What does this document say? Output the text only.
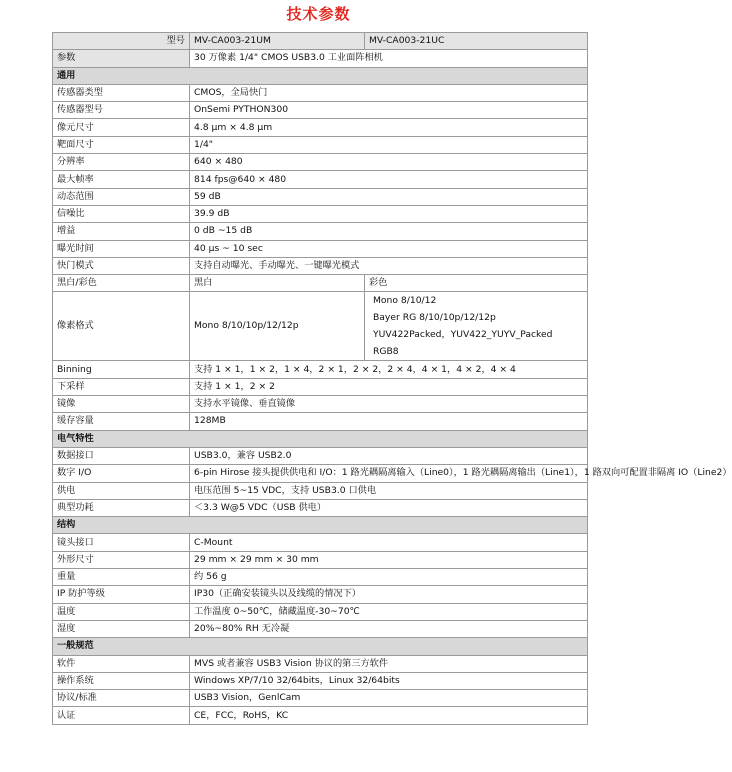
技术参数
型号	MV-CA003-21UM	MV-CA003-21UC
参数	30 万像素 1/4" CMOS USB3.0 工业面阵相机	
通用		
传感器类型	CMOS，全局快门	
传感器型号	OnSemi PYTHON300	
像元尺寸	4.8 μm × 4.8 μm	
靶面尺寸	1/4"	
分辨率	640 × 480	
最大帧率	814 fps@640 × 480	
动态范围	59 dB	
信噪比	39.9 dB	
增益	0 dB ~15 dB	
曝光时间	40 μs ~ 10 sec	
快门模式	支持自动曝光、手动曝光、一键曝光模式	
黑白/彩色	黑白	彩色
像素格式	Mono 8/10/10p/12/12p	Mono 8/10/12
Bayer RG 8/10/10p/12/12p
YUV422Packed，YUV422_YUYV_Packed
RGB8

Binning	支持 1 × 1，1 × 2，1 × 4，2 × 1，2 × 2，2 × 4，4 × 1，4 × 2，4 × 4	
下采样	支持 1 × 1，2 × 2	
镜像	支持水平镜像、垂直镜像	
缓存容量	128MB	
电气特性		
数据接口	USB3.0，兼容 USB2.0	
数字 I/O	6-pin Hirose 接头提供供电和 I/O：1 路光耦隔离输入（Line0），1 路光耦隔离输出（Line1），1 路双向可配置非隔离 IO（Line2）	
供电	电压范围 5~15 VDC，支持 USB3.0 口供电	
典型功耗	＜3.3 W@5 VDC（USB 供电）	
结构		
镜头接口	C-Mount	
外形尺寸	29 mm × 29 mm × 30 mm	
重量	约 56 g	
IP 防护等级	IP30（正确安装镜头以及线缆的情况下）	
温度	工作温度 0~50℃，储藏温度-30~70℃	
湿度	20%~80% RH 无冷凝	
一般规范		
软件	MVS 或者兼容 USB3 Vision 协议的第三方软件	
操作系统	Windows XP/7/10 32/64bits，Linux 32/64bits	
协议/标准	USB3 Vision，GenlCam	
认证	CE，FCC，RoHS，KC	
